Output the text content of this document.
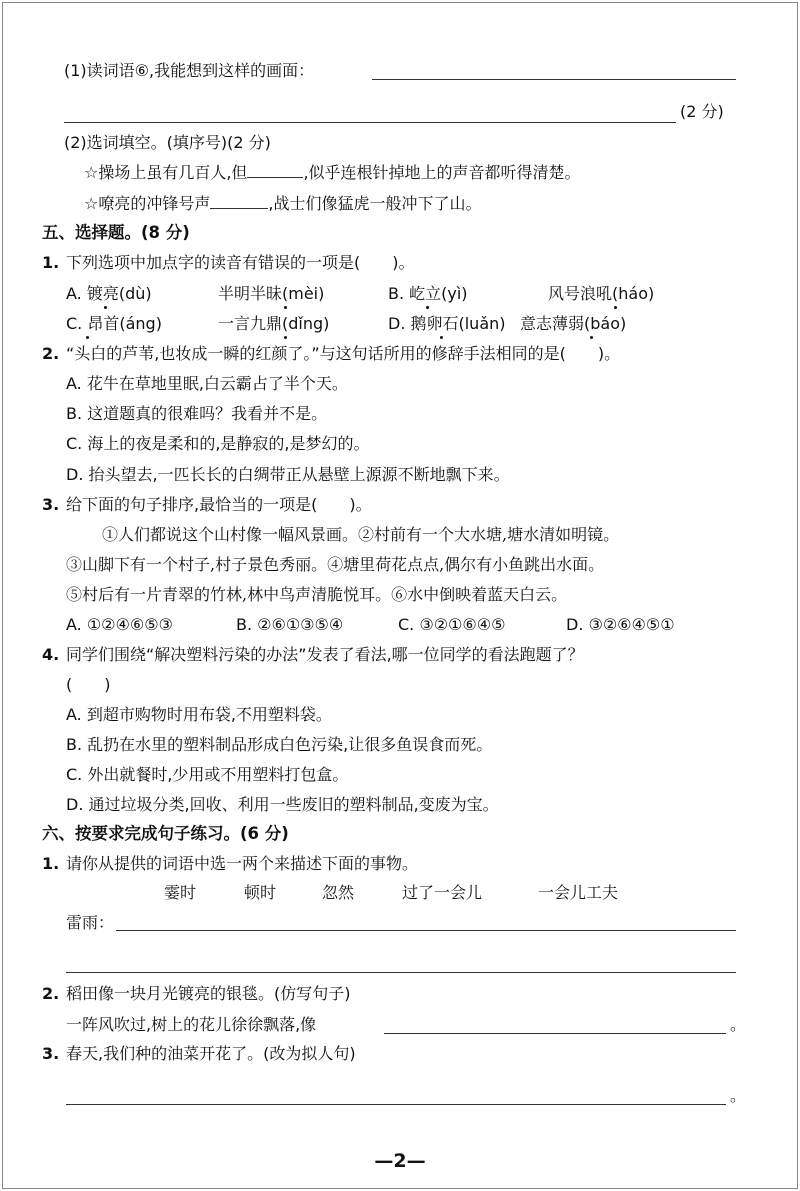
(1)读词语⑥,我能想到这样的画面：
(2 分)
(2)选词填空。(填序号)(2 分)
☆操场上虽有几百人,但	,似乎连根针掉地上的声音都听得清楚。
☆嘹亮的冲锋号声	,战士们像猛虎一般冲下了山。
五、选择题。(8 分)
1. 下列选项中加点字的读音有错误的一项是(　　)。
A. 镀亮(dù)	半明半昧(mèi)	B. 屹立(yì)	风号浪吼(háo)
C. 昂首(áng)	一言九鼎(dǐng)	D. 鹅卵石(luǎn) 意志薄弱(báo)
2. “头白的芦苇,也妆成一瞬的红颜了。”与这句话所用的修辞手法相同的是(　　)。
A. 花牛在草地里眠,白云霸占了半个天。
B. 这道题真的很难吗？我看并不是。
C. 海上的夜是柔和的,是静寂的,是梦幻的。
D. 抬头望去,一匹长长的白绸带正从悬壁上源源不断地飘下来。
3. 给下面的句子排序,最恰当的一项是(　　)。
①人们都说这个山村像一幅风景画。②村前有一个大水塘,塘水清如明镜。
③山脚下有一个村子,村子景色秀丽。④塘里荷花点点,偶尔有小鱼跳出水面。
⑤村后有一片青翠的竹林,林中鸟声清脆悦耳。⑥水中倒映着蓝天白云。
A. ①②④⑥⑤③	B. ②⑥①③⑤④	C. ③②①⑥④⑤	D. ③②⑥④⑤①
4. 同学们围绕“解决塑料污染的办法”发表了看法,哪一位同学的看法跑题了？
(　　)
A. 到超市购物时用布袋,不用塑料袋。
B. 乱扔在水里的塑料制品形成白色污染,让很多鱼误食而死。
C. 外出就餐时,少用或不用塑料打包盒。
D. 通过垃圾分类,回收、利用一些废旧的塑料制品,变废为宝。
六、按要求完成句子练习。(6 分)
1. 请你从提供的词语中选一两个来描述下面的事物。
霎时	顿时	忽然	过了一会儿	一会儿工夫
雷雨：
2. 稻田像一块月光镀亮的银毯。(仿写句子)
一阵风吹过,树上的花儿徐徐飘落,像	。
3. 春天,我们种的油菜开花了。(改为拟人句)
。
—2—
